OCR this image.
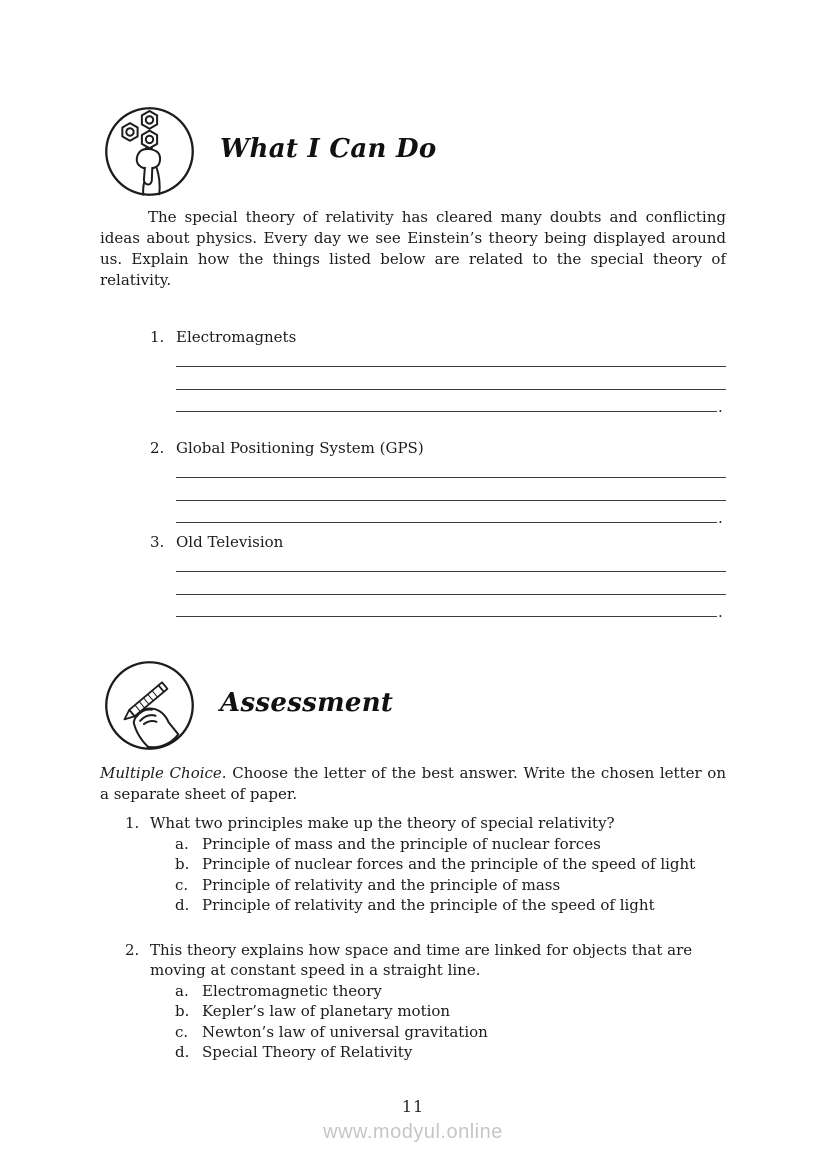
What I Can Do

The special theory of relativity has cleared many doubts and conflicting ideas about physics. Every day we see Einstein’s theory being displayed around us. Explain how the things listed below are related to the special theory of relativity.

1. Electromagnets
.
2. Global Positioning System (GPS)
.
3. Old Television
.
Assessment

Multiple Choice. Choose the letter of the best answer. Write the chosen letter on a separate sheet of paper.

1. What two principles make up the theory of special relativity?
a. Principle of mass and the principle of nuclear forces
b. Principle of nuclear forces and the principle of the speed of light
c. Principle of relativity and the principle of mass
d. Principle of relativity and the principle of the speed of light
2. This theory explains how space and time are linked for objects that are moving at constant speed in a straight line.
a. Electromagnetic theory
b. Kepler’s law of planetary motion
c. Newton’s law of universal gravitation
d. Special Theory of Relativity
11
www.modyul.online
